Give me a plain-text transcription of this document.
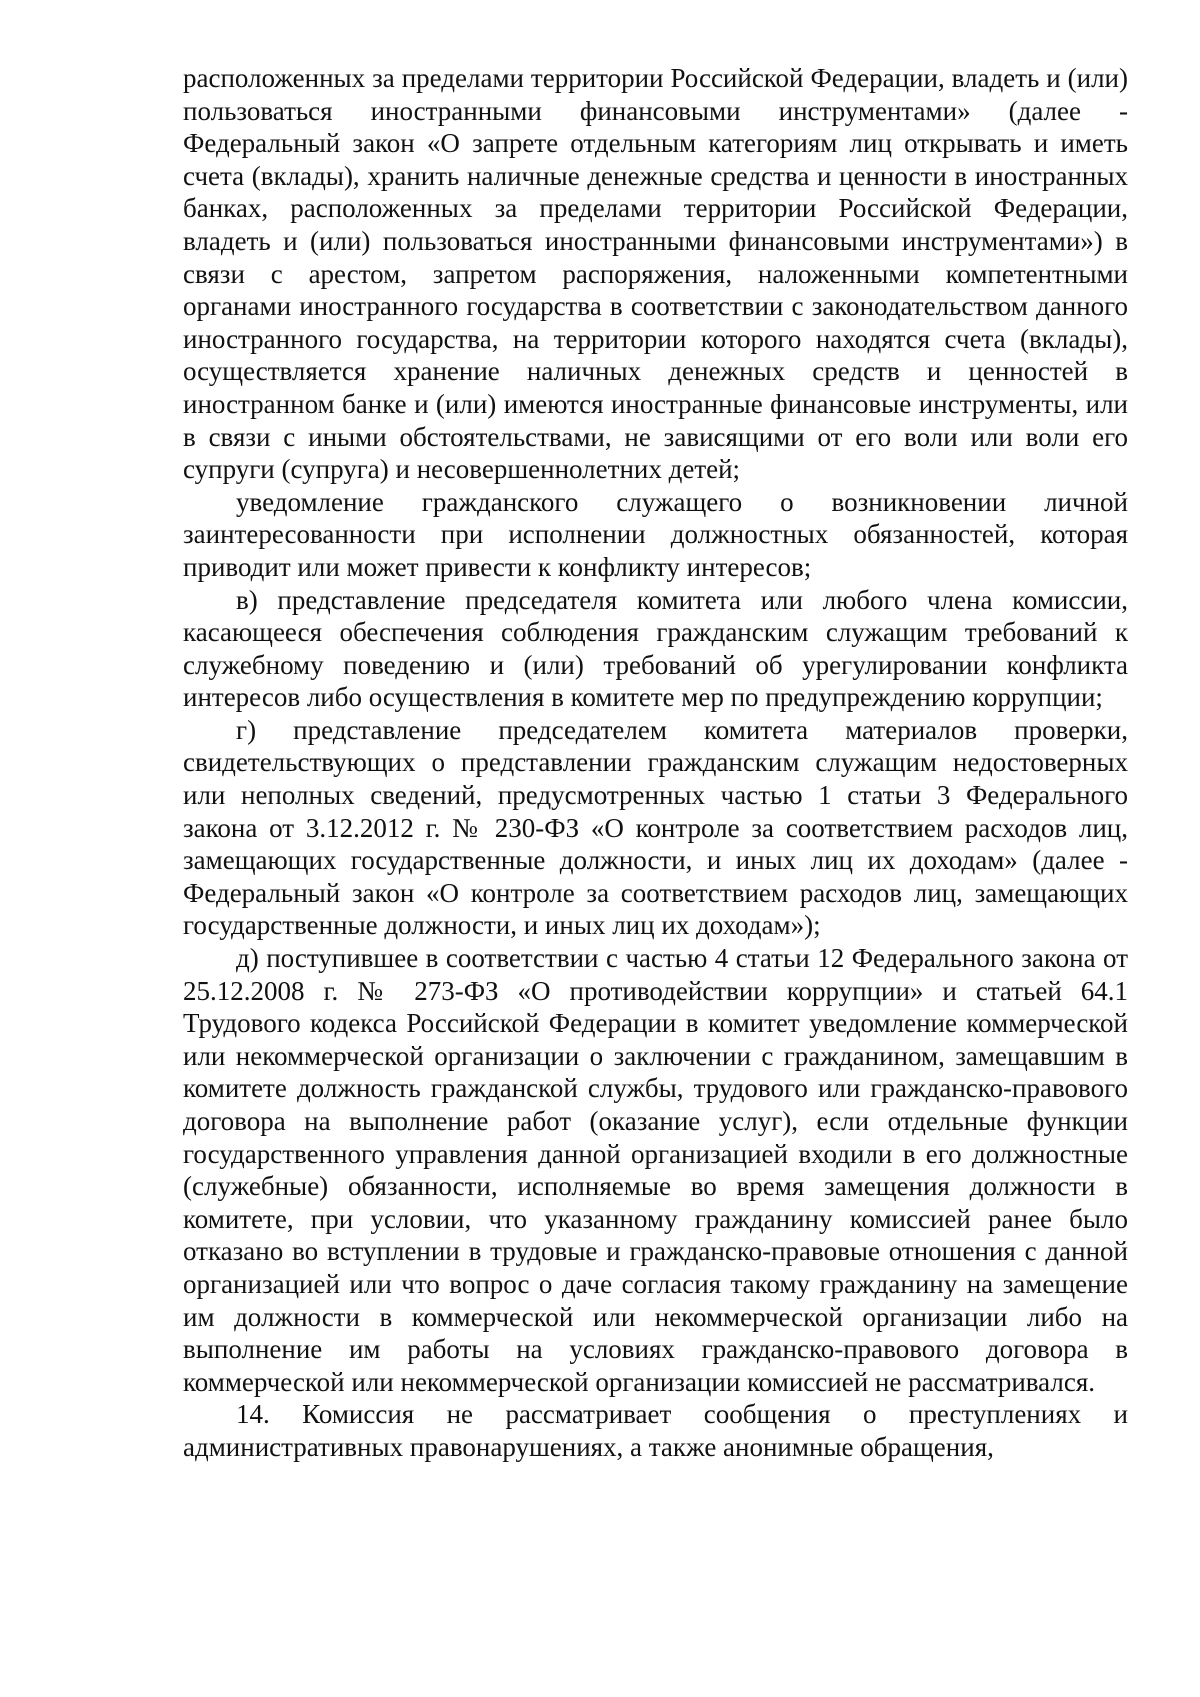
расположенных за пределами территории Российской Федерации, владеть и (или) пользоваться иностранными финансовыми инструментами» (далее - Федеральный закон «О запрете отдельным категориям лиц открывать и иметь счета (вклады), хранить наличные денежные средства и ценности в иностранных банках, расположенных за пределами территории Российской Федерации, владеть и (или) пользоваться иностранными финансовыми инструментами») в связи с арестом, запретом распоряжения, наложенными компетентными органами иностранного государства в соответствии с законодательством данного иностранного государства, на территории которого находятся счета (вклады), осуществляется хранение наличных денежных средств и ценностей в иностранном банке и (или) имеются иностранные финансовые инструменты, или в связи с иными обстоятельствами, не зависящими от его воли или воли его супруги (супруга) и несовершеннолетних детей;

уведомление гражданского служащего о возникновении личной заинтересованности при исполнении должностных обязанностей, которая приводит или может привести к конфликту интересов;

в) представление председателя комитета или любого члена комиссии, касающееся обеспечения соблюдения гражданским служащим требований к служебному поведению и (или) требований об урегулировании конфликта интересов либо осуществления в комитете мер по предупреждению коррупции;

г) представление председателем комитета материалов проверки, свидетельствующих о представлении гражданским служащим недостоверных или неполных сведений, предусмотренных частью 1 статьи 3 Федерального закона от 3.12.2012 г. № 230-ФЗ «О контроле за соответствием расходов лиц, замещающих государственные должности, и иных лиц их доходам» (далее - Федеральный закон «О контроле за соответствием расходов лиц, замещающих государственные должности, и иных лиц их доходам»);

д) поступившее в соответствии с частью 4 статьи 12 Федерального закона от 25.12.2008 г. № 273-ФЗ «О противодействии коррупции» и статьей 64.1 Трудового кодекса Российской Федерации в комитет уведомление коммерческой или некоммерческой организации о заключении с гражданином, замещавшим в комитете должность гражданской службы, трудового или гражданско-правового договора на выполнение работ (оказание услуг), если отдельные функции государственного управления данной организацией входили в его должностные (служебные) обязанности, исполняемые во время замещения должности в комитете, при условии, что указанному гражданину комиссией ранее было отказано во вступлении в трудовые и гражданско-правовые отношения с данной организацией или что вопрос о даче согласия такому гражданину на замещение им должности в коммерческой или некоммерческой организации либо на выполнение им работы на условиях гражданско-правового договора в коммерческой или некоммерческой организации комиссией не рассматривался.

14. Комиссия не рассматривает сообщения о преступлениях и административных правонарушениях, а также анонимные обращения,
